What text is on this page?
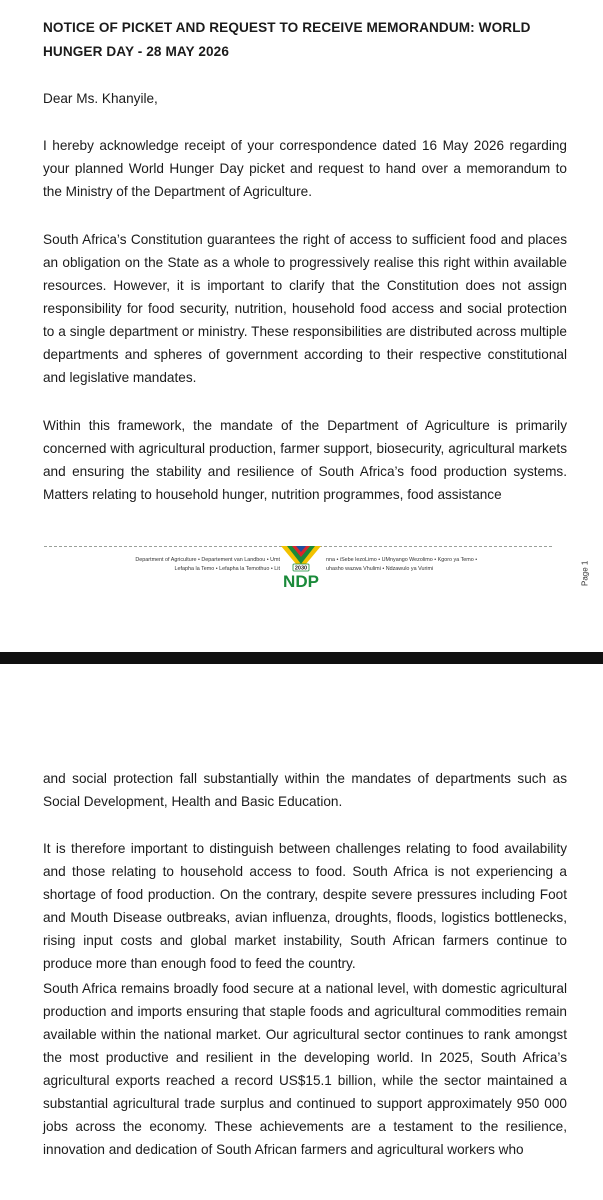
NOTICE OF PICKET AND REQUEST TO RECEIVE MEMORANDUM: WORLD HUNGER DAY - 28 MAY 2026
Dear Ms. Khanyile,
I hereby acknowledge receipt of your correspondence dated 16 May 2026 regarding your planned World Hunger Day picket and request to hand over a memorandum to the Ministry of the Department of Agriculture.
South Africa’s Constitution guarantees the right of access to sufficient food and places an obligation on the State as a whole to progressively realise this right within available resources. However, it is important to clarify that the Constitution does not assign responsibility for food security, nutrition, household food access and social protection to a single department or ministry. These responsibilities are distributed across multiple departments and spheres of government according to their respective constitutional and legislative mandates.
Within this framework, the mandate of the Department of Agriculture is primarily concerned with agricultural production, farmer support, biosecurity, agricultural markets and ensuring the stability and resilience of South Africa’s food production systems. Matters relating to household hunger, nutrition programmes, food assistance
Department of Agriculture • Departement van Landbou • Umt
Lefapha la Temo • Lefapha la Temothuo • Lit	2030
NDP
nna • iSebe lezoLimo • UMnyango Wezolimo • Kgoro ya Temo •
uhasho wazwa Vhulimi • Ndzawulo ya Vurimi	Page 1
and social protection fall substantially within the mandates of departments such as Social Development, Health and Basic Education.
It is therefore important to distinguish between challenges relating to food availability and those relating to household access to food. South Africa is not experiencing a shortage of food production. On the contrary, despite severe pressures including Foot and Mouth Disease outbreaks, avian influenza, droughts, floods, logistics bottlenecks, rising input costs and global market instability, South African farmers continue to produce more than enough food to feed the country.
South Africa remains broadly food secure at a national level, with domestic agricultural production and imports ensuring that staple foods and agricultural commodities remain available within the national market. Our agricultural sector continues to rank amongst the most productive and resilient in the developing world. In 2025, South Africa’s agricultural exports reached a record US$15.1 billion, while the sector maintained a substantial agricultural trade surplus and continued to support approximately 950 000 jobs across the economy. These achievements are a testament to the resilience, innovation and dedication of South African farmers and agricultural workers who
